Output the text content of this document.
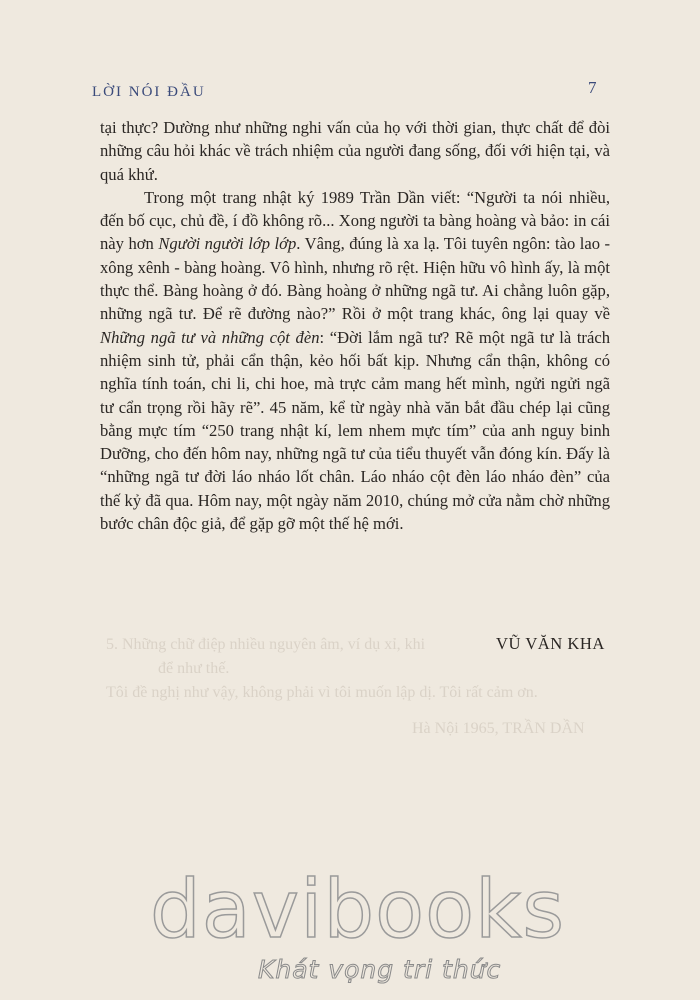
LỜI NÓI ĐẦU	7

tại thực? Dường như những nghi vấn của họ với thời gian, thực chất để đòi những câu hỏi khác về trách nhiệm của người đang sống, đối với hiện tại, và quá khứ.

Trong một trang nhật ký 1989 Trần Dần viết: “Người ta nói nhiều, đến bố cục, chủ đề, í đồ không rõ... Xong người ta bàng hoàng và bảo: in cái này hơn Người người lớp lớp. Vâng, đúng là xa lạ. Tôi tuyên ngôn: tào lao - xông xênh - bàng hoàng. Vô hình, nhưng rõ rệt. Hiện hữu vô hình ấy, là một thực thể. Bàng hoàng ở đó. Bàng hoàng ở những ngã tư. Ai chẳng luôn gặp, những ngã tư. Để rẽ đường nào?” Rồi ở một trang khác, ông lại quay về Những ngã tư và những cột đèn: “Đời lắm ngã tư? Rẽ một ngã tư là trách nhiệm sinh tử, phải cẩn thận, kẻo hối bất kịp. Nhưng cẩn thận, không có nghĩa tính toán, chi li, chi hoe, mà trực cảm mang hết mình, ngửi ngửi ngã tư cẩn trọng rồi hãy rẽ”. 45 năm, kể từ ngày nhà văn bắt đầu chép lại cũng bằng mực tím “250 trang nhật kí, lem nhem mực tím” của anh nguy binh Dưỡng, cho đến hôm nay, những ngã tư của tiểu thuyết vẫn đóng kín. Đấy là “những ngã tư đời láo nháo lốt chân. Láo nháo cột đèn láo nháo đèn” của thế kỷ đã qua. Hôm nay, một ngày năm 2010, chúng mở cửa nằm chờ những bước chân độc giả, để gặp gỡ một thế hệ mới.

5. Những chữ điệp nhiều nguyên âm, ví dụ xỉ, khi
để như thế.
Tôi đề nghị như vậy, không phải vì tôi muốn lập dị. Tôi rất cảm ơn.
Hà Nội 1965, TRẦN DẦN
VŨ VĂN KHA
davibooks
Khát vọng tri thức
